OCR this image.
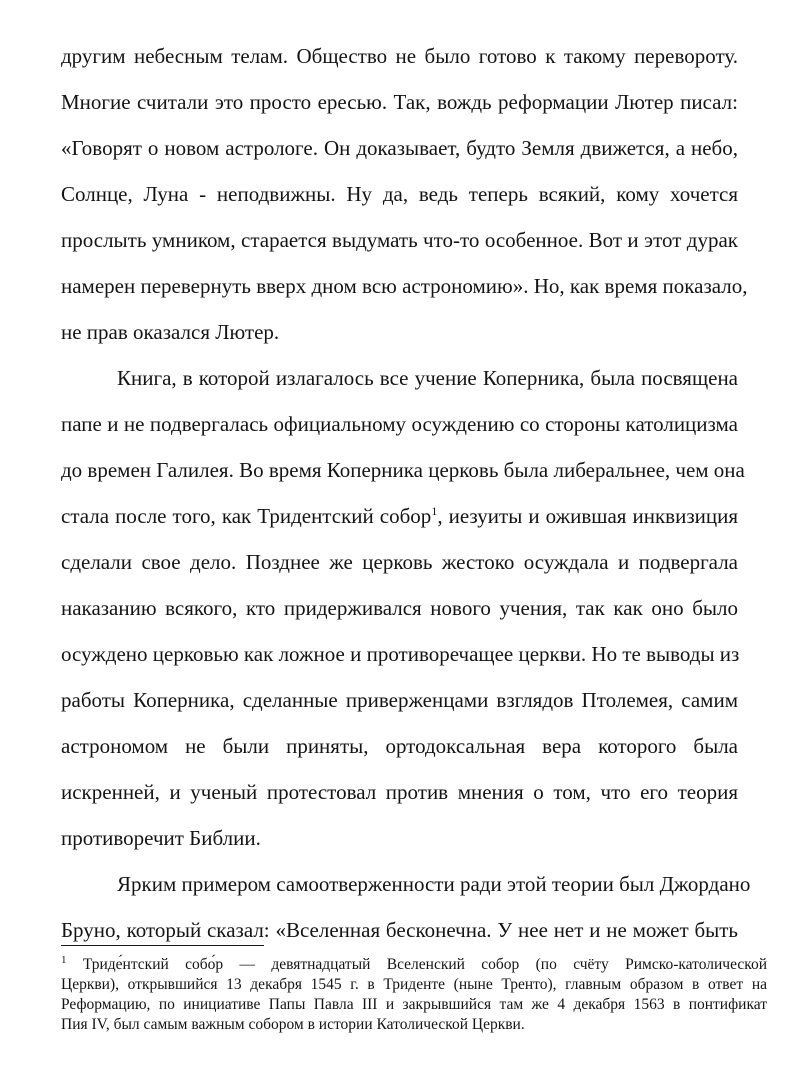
другим небесным телам. Общество не было готово к такому перевороту.
Многие считали это просто ересью. Так, вождь реформации Лютер писал:
«Говорят о новом астрологе. Он доказывает, будто Земля движется, а небо,
Солнце, Луна - неподвижны. Ну да, ведь теперь всякий, кому хочется
прослыть умником, старается выдумать что-то особенное. Вот и этот дурак
намерен перевернуть вверх дном всю астрономию». Но, как время показало,
не прав оказался Лютер.
Книга, в которой излагалось все учение Коперника, была посвящена
папе и не подвергалась официальному осуждению со стороны католицизма
до времен Галилея. Во время Коперника церковь была либеральнее, чем она
стала после того, как Тридентский собор$^1$, иезуиты и ожившая инквизиция
сделали свое дело. Позднее же церковь жестоко осуждала и подвергала
наказанию всякого, кто придерживался нового учения, так как оно было
осуждено церковью как ложное и противоречащее церкви. Но те выводы из
работы Коперника, сделанные приверженцами взглядов Птолемея, самим
астрономом не были приняты, ортодоксальная вера которого была
искренней, и ученый протестовал против мнения о том, что его теория
противоречит Библии.
Ярким примером самоотверженности ради этой теории был Джордано
Бруно, который сказал: «Вселенная бесконечна. У нее нет и не может быть
$^1$ Триде́нтский собо́р — девятнадцатый Вселенский собор (по счёту Римско-католической
Церкви), открывшийся 13 декабря 1545 г. в Триденте (ныне Тренто), главным образом в ответ на
Реформацию, по инициативе Папы Павла III и закрывшийся там же 4 декабря 1563 в понтификат
Пия IV, был самым важным собором в истории Католической Церкви.
